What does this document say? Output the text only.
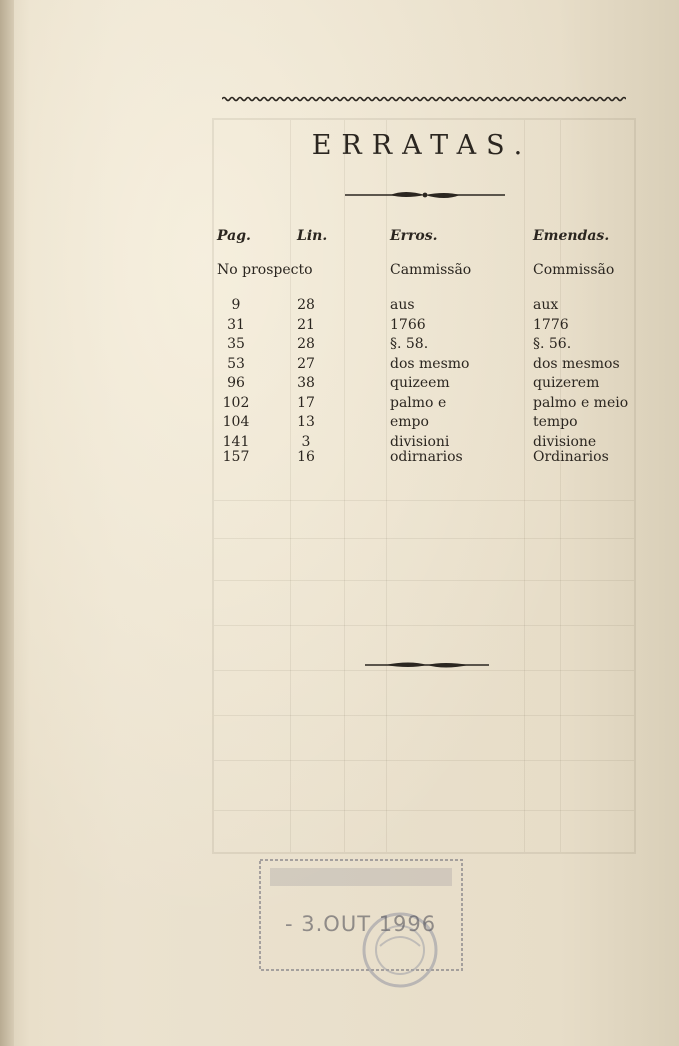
ERRATAS.
Pag.	Lin.	Erros.	Emendas.
No prospecto	Cammissão	Commissão
9	28	aus	aux
31	21	1766	1776
35	28	§. 58.	§. 56.
53	27	dos mesmo	dos mesmos
96	38	quizeem	quizerem
102	17	palmo e	palmo e meio
104	13	empo	tempo
141	3	divisioni	divisione
157	16	odirnarios	Ordinarios
- 3.OUT 1996
